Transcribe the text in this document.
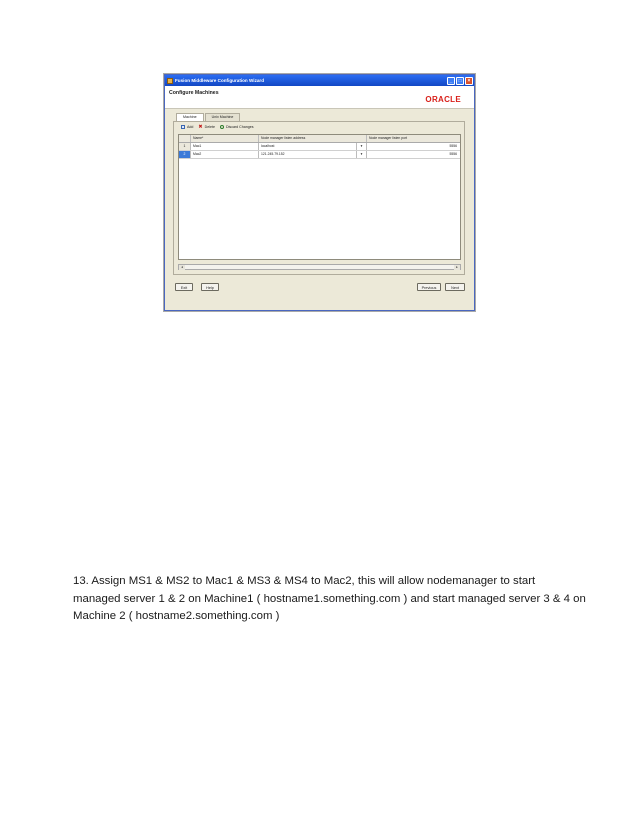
Fusion Middleware Configuration Wizard	_	□	×
Configure Machines
ORACLE
Machine	Unix Machine
Add ✖ Delete	Discard Changes
Name*	Node manager listen address	Node manager listen port
1	Mac1	localhost	▾	5556
2	Mac2	121.245.79.152	▾	5556
◂	▸
Exit	Help	Previous	Next
13. Assign MS1 & MS2 to Mac1 & MS3 & MS4 to Mac2, this will allow nodemanager to start
managed server 1 & 2 on Machine1 ( hostname1.something.com ) and start managed server 3 & 4 on
Machine 2 ( hostname2.something.com )
